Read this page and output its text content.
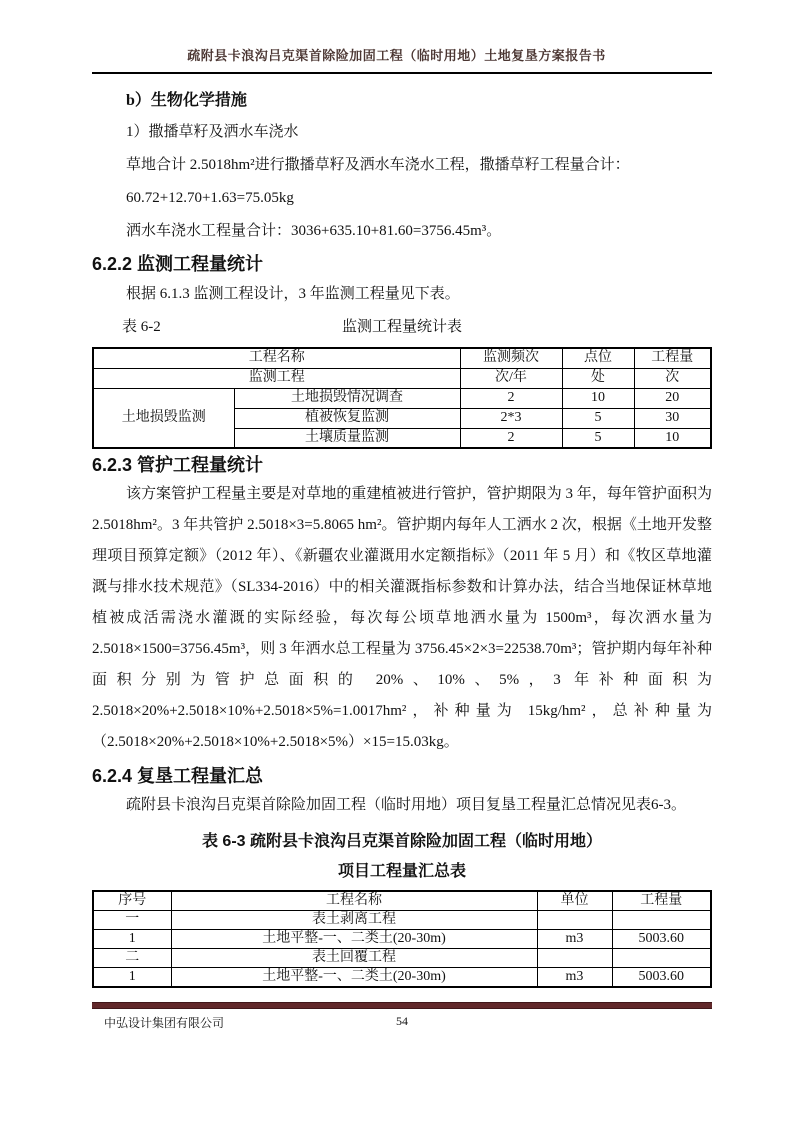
疏附县卡浪沟吕克渠首除险加固工程（临时用地）土地复垦方案报告书

b）生物化学措施

1）撒播草籽及洒水车浇水

草地合计 2.5018hm²进行撒播草籽及洒水车浇水工程，撒播草籽工程量合计：

60.72+12.70+1.63=75.05kg

洒水车浇水工程量合计：3036+635.10+81.60=3756.45m³。

6.2.2 监测工程量统计

根据 6.1.3 监测工程设计，3 年监测工程量见下表。

表 6-2	监测工程量统计表
工程名称		监测频次	点位	工程量
监测工程		次/年	处	次
土地损毁监测	土地损毁情况调查	2	10	20
	植被恢复监测	2*3	5	30
	土壤质量监测	2	5	10

6.2.3 管护工程量统计

该方案管护工程量主要是对草地的重建植被进行管护，管护期限为 3 年，每年管护面积为 2.5018hm²。3 年共管护 2.5018×3=5.8065 hm²。管护期内每年人工洒水 2 次，根据《土地开发整理项目预算定额》（2012 年）、《新疆农业灌溉用水定额指标》（2011 年 5 月）和《牧区草地灌溉与排水技术规范》（SL334-2016）中的相关灌溉指标参数和计算办法，结合当地保证林草地植被成活需浇水灌溉的实际经验，每次每公顷草地洒水量为 1500m³，每次洒水量为 2.5018×1500=3756.45m³，则 3 年洒水总工程量为 3756.45×2×3=22538.70m³；管护期内每年补种面积分别为管护总面积的 20%、10%、5%，3 年补种面积为 2.5018×20%+2.5018×10%+2.5018×5%=1.0017hm²，补种量为 15kg/hm²，总补种量为（2.5018×20%+2.5018×10%+2.5018×5%）×15=15.03kg。

6.2.4 复垦工程量汇总

疏附县卡浪沟吕克渠首除险加固工程（临时用地）项目复垦工程量汇总情况见表6-3。

表 6-3 疏附县卡浪沟吕克渠首除险加固工程（临时用地）

项目工程量汇总表

序号	工程名称	单位	工程量
一	表土剥离工程		
1	土地平整-一、二类土(20-30m)	m3	5003.60
二	表土回覆工程		
1	土地平整-一、二类土(20-30m)	m3	5003.60
中弘设计集团有限公司	54
